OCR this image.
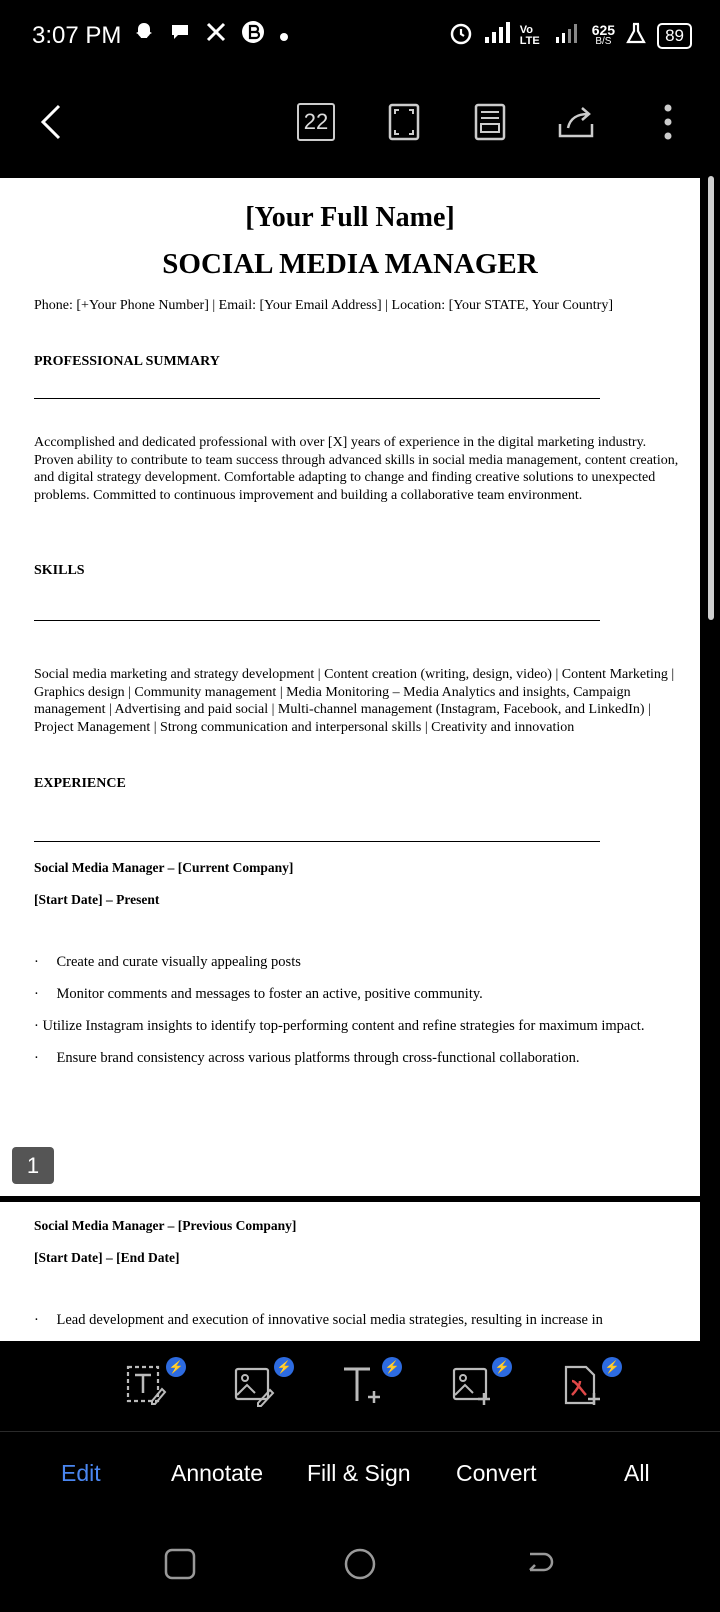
3:07 PM	Vo LTE
625
B/S	89
22
[Your Full Name]
SOCIAL MEDIA MANAGER
Phone: [+Your Phone Number] | Email: [Your Email Address] | Location: [Your STATE, Your Country]
PROFESSIONAL SUMMARY

Accomplished and dedicated professional with over [X] years of experience in the digital marketing industry. Proven ability to contribute to team success through advanced skills in social media management, content creation, and digital strategy development. Comfortable adapting to change and finding creative solutions to unexpected problems. Committed to continuous improvement and building a collaborative team environment.

SKILLS

Social media marketing and strategy development | Content creation (writing, design, video) | Content Marketing | Graphics design | Community management | Media Monitoring – Media Analytics and insights, Campaign management | Advertising and paid social | Multi-channel management (Instagram, Facebook, and LinkedIn) | Project Management | Strong communication and interpersonal skills | Creativity and innovation

EXPERIENCE
Social Media Manager – [Current Company]
[Start Date] – Present
· Create and curate visually appealing posts
· Monitor comments and messages to foster an active, positive community.
· Utilize Instagram insights to identify top-performing content and refine strategies for maximum impact.
· Ensure brand consistency across various platforms through cross-functional collaboration.
Social Media Manager – [Previous Company]
[Start Date] – [End Date]
· Lead development and execution of innovative social media strategies, resulting in increase in
1
⚡	⚡	⚡	⚡	⚡
Edit	Annotate Fill & Sign Convert	All
